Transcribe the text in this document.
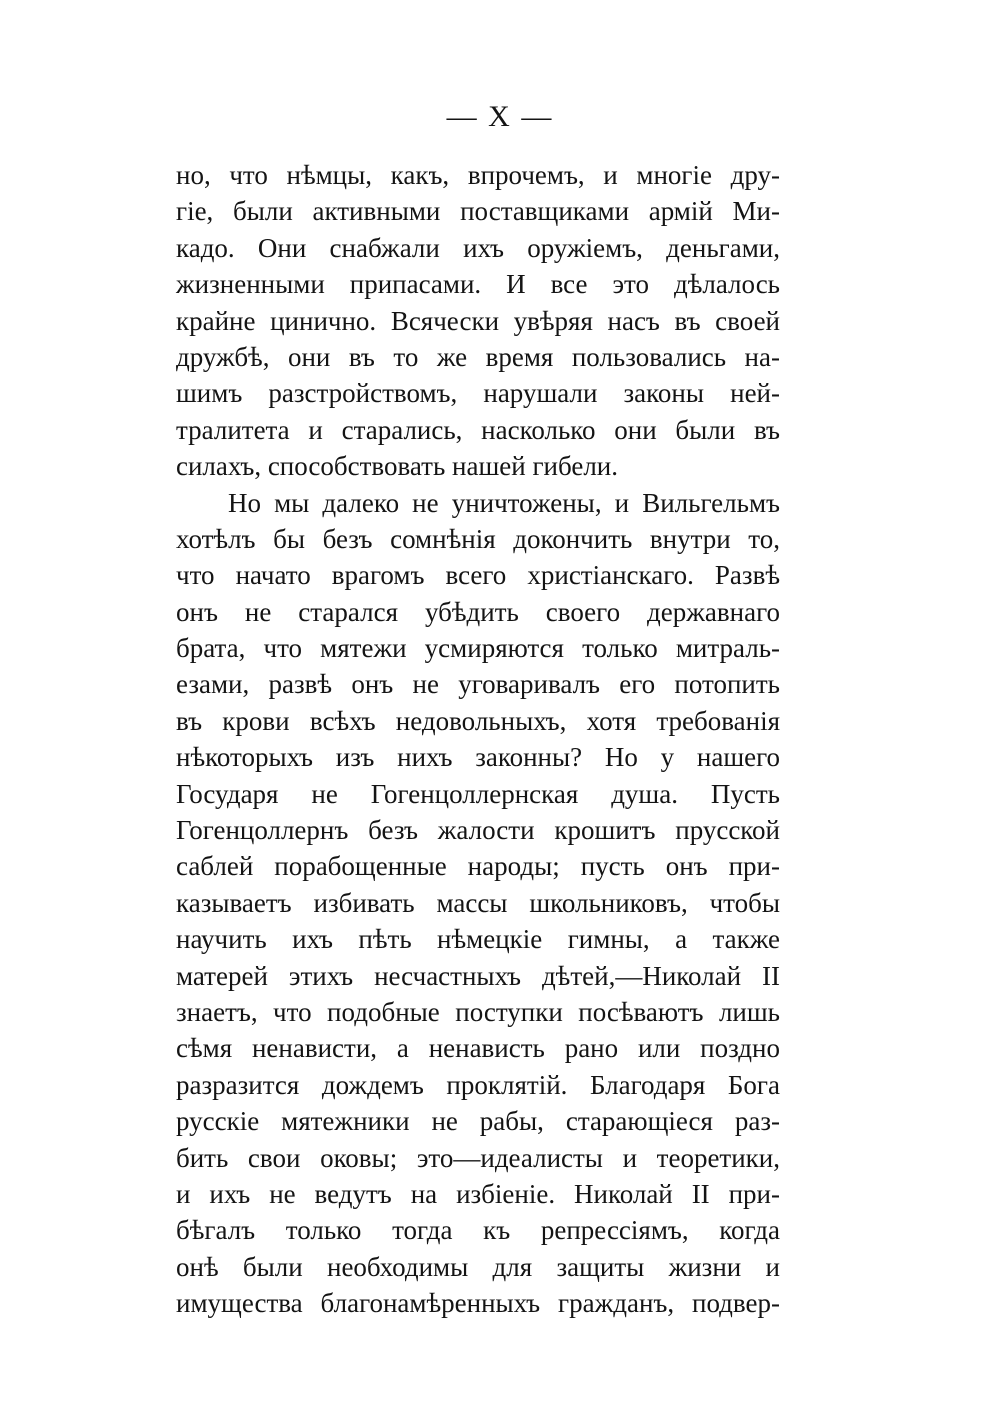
— X —
но, что нѣмцы, какъ, впрочемъ, и многіе дру-
гіе, были активными поставщиками армій Ми-
кадо. Они снабжали ихъ оружіемъ, деньгами,
жизненными припасами. И все это дѣлалось
крайне цинично. Всячески увѣряя насъ въ своей
дружбѣ, они въ то же время пользовались на-
шимъ разстройствомъ, нарушали законы ней-
тралитета и старались, насколько они были въ
силахъ, способствовать нашей гибели.
Но мы далеко не уничтожены, и Вильгельмъ
хотѣлъ бы безъ сомнѣнія докончить внутри то,
что начато врагомъ всего христіанскаго. Развѣ
онъ не старался убѣдить своего державнаго
брата, что мятежи усмиряются только митраль-
езами, развѣ онъ не уговаривалъ его потопить
въ крови всѣхъ недовольныхъ, хотя требованія
нѣкоторыхъ изъ нихъ законны? Но у нашего
Государя не Гогенцоллернская душа. Пусть
Гогенцоллернъ безъ жалости крошитъ прусской
саблей порабощенные народы; пусть онъ при-
казываетъ избивать массы школьниковъ, чтобы
научить ихъ пѣть нѣмецкіе гимны, а также
матерей этихъ несчастныхъ дѣтей,—Николай II
знаетъ, что подобные поступки посѣваютъ лишь
сѣмя ненависти, а ненависть рано или поздно
разразится дождемъ проклятій. Благодаря Бога
русскіе мятежники не рабы, старающіеся раз-
бить свои оковы; это—идеалисты и теоретики,
и ихъ не ведутъ на избіеніе. Николай II при-
бѣгалъ только тогда къ репрессіямъ, когда
онѣ были необходимы для защиты жизни и
имущества благонамѣренныхъ гражданъ, подвер-
